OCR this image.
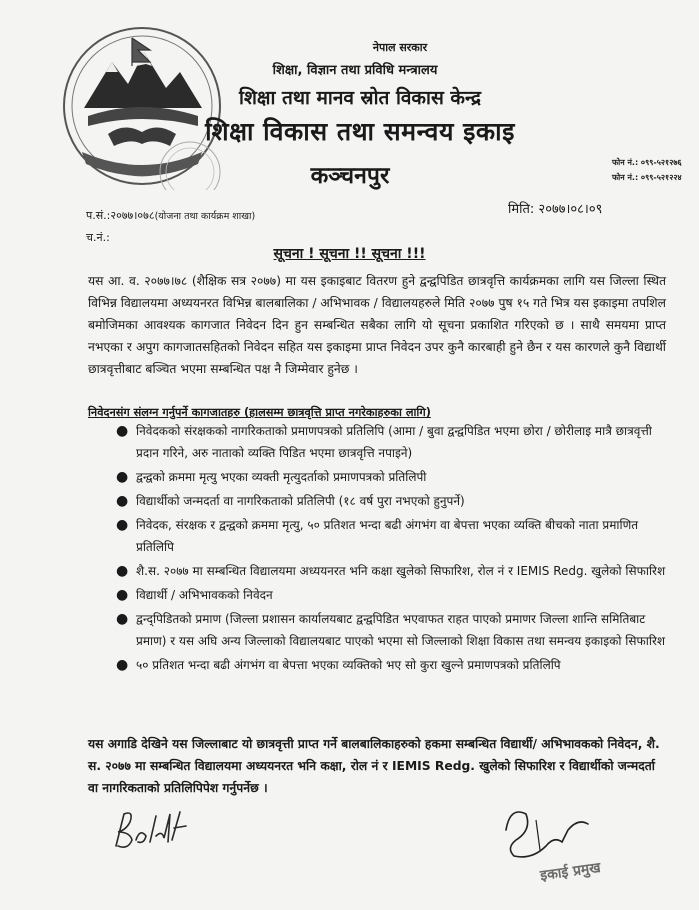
नेपाल सरकार
शिक्षा, विज्ञान तथा प्रविधि मन्त्रालय
शिक्षा तथा मानव स्रोत विकास केन्द्र
शिक्षा विकास तथा समन्वय इकाइ
कञ्चनपुर
फोन नं.: ०९९-५२१२७६
फोन नं.: ०९९-५२१२२४
प.सं.:२०७७।०७८(योजना तथा कार्यक्रम शाखा)
च.नं.:
मिति: २०७७।०८।०९
सूचना ! सूचना !! सूचना !!!
यस आ. व. २०७७।७८ (शैक्षिक सत्र २०७७) मा यस इकाइबाट वितरण हुने द्वन्द्वपिडित छात्रवृत्ति कार्यक्रमका लागि यस जिल्ला स्थित विभिन्न विद्यालयमा अध्ययनरत विभिन्न बालबालिका / अभिभावक / विद्यालयहरुले मिति २०७७ पुष १५ गते भित्र यस इकाइमा तपशिल बमोजिमका आवश्यक कागजात निवेदन दिन हुन सम्बन्धित सबैका लागि यो सूचना प्रकाशित गरिएको छ । साथै समयमा प्राप्त नभएका र अपुग कागजातसहितको निवेदन सहित यस इकाइमा प्राप्त निवेदन उपर कुनै कारबाही हुने छैन र यस कारणले कुनै विद्यार्थी छात्रवृत्तीबाट बञ्चित भएमा सम्बन्धित पक्ष नै जिम्मेवार हुनेछ ।
निवेदनसंग संलग्न गर्नुपर्ने कागजातहरु (हालसम्म छात्रवृत्ति प्राप्त नगरेकाहरुका लागि)
● निवेदकको संरक्षकको नागरिकताको प्रमाणपत्रको प्रतिलिपि (आमा / बुवा द्वन्द्वपिडित भएमा छोरा / छोरीलाइ मात्रै छात्रवृत्ती प्रदान गरिने, अरु नाताको व्यक्ति पिडित भएमा छात्रवृत्ति नपाइने)
● द्वन्द्वको क्रममा मृत्यु भएका व्यक्ती मृत्युदर्ताको प्रमाणपत्रको प्रतिलिपी
● विद्यार्थीको जन्मदर्ता वा नागरिकताको प्रतिलिपी (१८ वर्ष पुरा नभएको हुनुपर्ने)
● निवेदक, संरक्षक र द्वन्द्वको क्रममा मृत्यु, ५० प्रतिशत भन्दा बढी अंगभंग वा बेपत्ता भएका व्यक्ति बीचको नाता प्रमाणित प्रतिलिपि
● शै.स. २०७७ मा सम्बन्धित विद्यालयमा अध्ययनरत भनि कक्षा खुलेको सिफारिश, रोल नं र IEMIS Redg. खुलेको सिफारिश
● विद्यार्थी / अभिभावकको निवेदन
● द्वन्द्पिडितको प्रमाण (जिल्ला प्रशासन कार्यालयबाट द्वन्द्वपिडित भएवाफत राहत पाएको प्रमाणर जिल्ला शान्ति समितिबाट प्रमाण) र यस अघि अन्य जिल्लाको विद्यालयबाट पाएको भएमा सो जिल्लाको शिक्षा विकास तथा समन्वय इकाइको सिफारिश
● ५० प्रतिशत भन्दा बढी अंगभंग वा बेपत्ता भएका व्यक्तिको भए सो कुरा खुल्ने प्रमाणपत्रको प्रतिलिपि
यस अगाडि देखिने यस जिल्लाबाट यो छात्रवृत्ती प्राप्त गर्ने बालबालिकाहरुको हकमा सम्बन्धित विद्यार्थी/ अभिभावकको निवेदन, शै. स. २०७७ मा सम्बन्धित विद्यालयमा अध्ययनरत भनि कक्षा, रोल नं र IEMIS Redg. खुलेको सिफारिश र विद्यार्थीको जन्मदर्ता वा नागरिकताको प्रतिलिपिपेश गर्नुपर्नेछ ।
इकाई प्रमुख
